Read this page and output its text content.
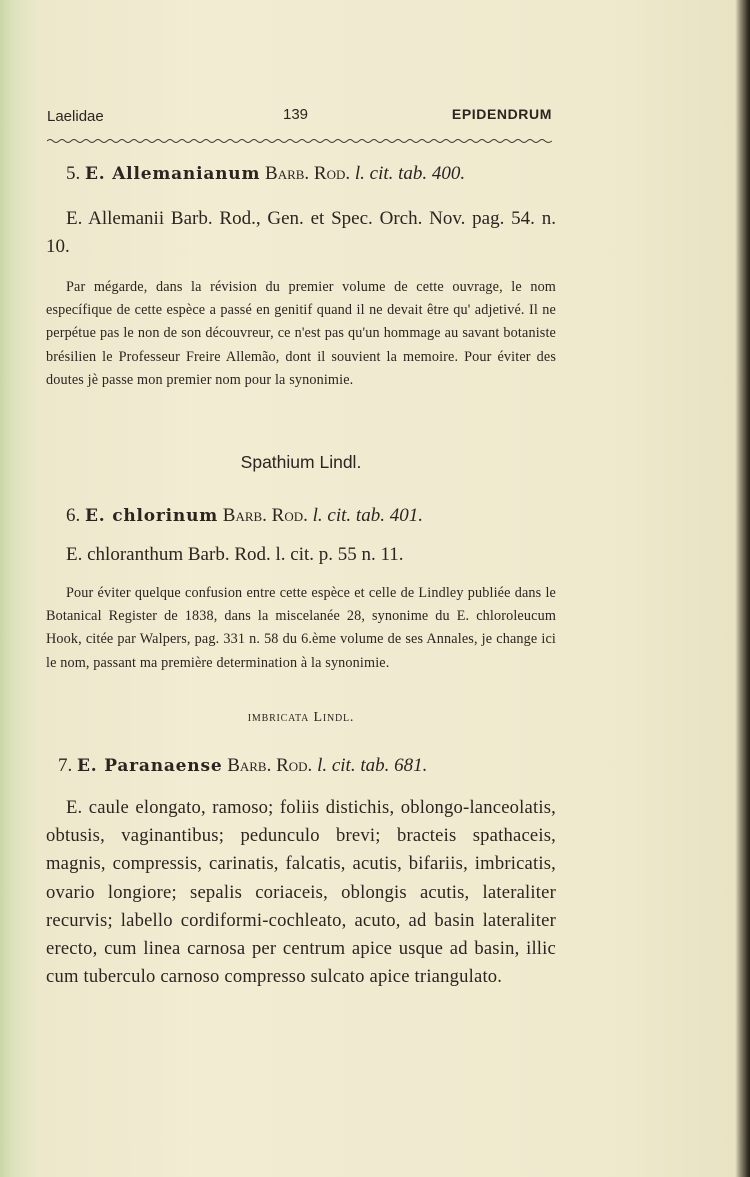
Laelidae	139	EPIDENDRUM

5. E. Allemanianum Barb. Rod. l. cit. tab. 400.

E. Allemanii Barb. Rod., Gen. et Spec. Orch. Nov. pag. 54. n. 10.

Par mégarde, dans la révision du premier volume de cette ouvrage, le nom específique de cette espèce a passé en genitif quand il ne devait être qu' adjetivé. Il ne perpétue pas le non de son découvreur, ce n'est pas qu'un hommage au savant botaniste brésilien le Professeur Freire Allemão, dont il souvient la memoire. Pour éviter des doutes jè passe mon premier nom pour la synonimie.

Spathium Lindl.

6. E. chlorinum Barb. Rod. l. cit. tab. 401.

E. chloranthum Barb. Rod. l. cit. p. 55 n. 11.

Pour éviter quelque confusion entre cette espèce et celle de Lindley publiée dans le Botanical Register de 1838, dans la miscelanée 28, synonime du E. chloroleucum Hook, citée par Walpers, pag. 331 n. 58 du 6.ème volume de ses Annales, je change ici le nom, passant ma première determination à la synonimie.

imbricata Lindl.

7. E. Paranaense Barb. Rod. l. cit. tab. 681.

E. caule elongato, ramoso; foliis distichis, oblongo-lanceolatis, obtusis, vaginantibus; pedunculo brevi; bracteis spathaceis, magnis, compressis, carinatis, falcatis, acutis, bifariis, imbricatis, ovario longiore; sepalis coriaceis, oblongis acutis, lateraliter recurvis; labello cordiformi-cochleato, acuto, ad basin lateraliter erecto, cum linea carnosa per centrum apice usque ad basin, illic cum tuberculo carnoso compresso sulcato apice triangulato.
